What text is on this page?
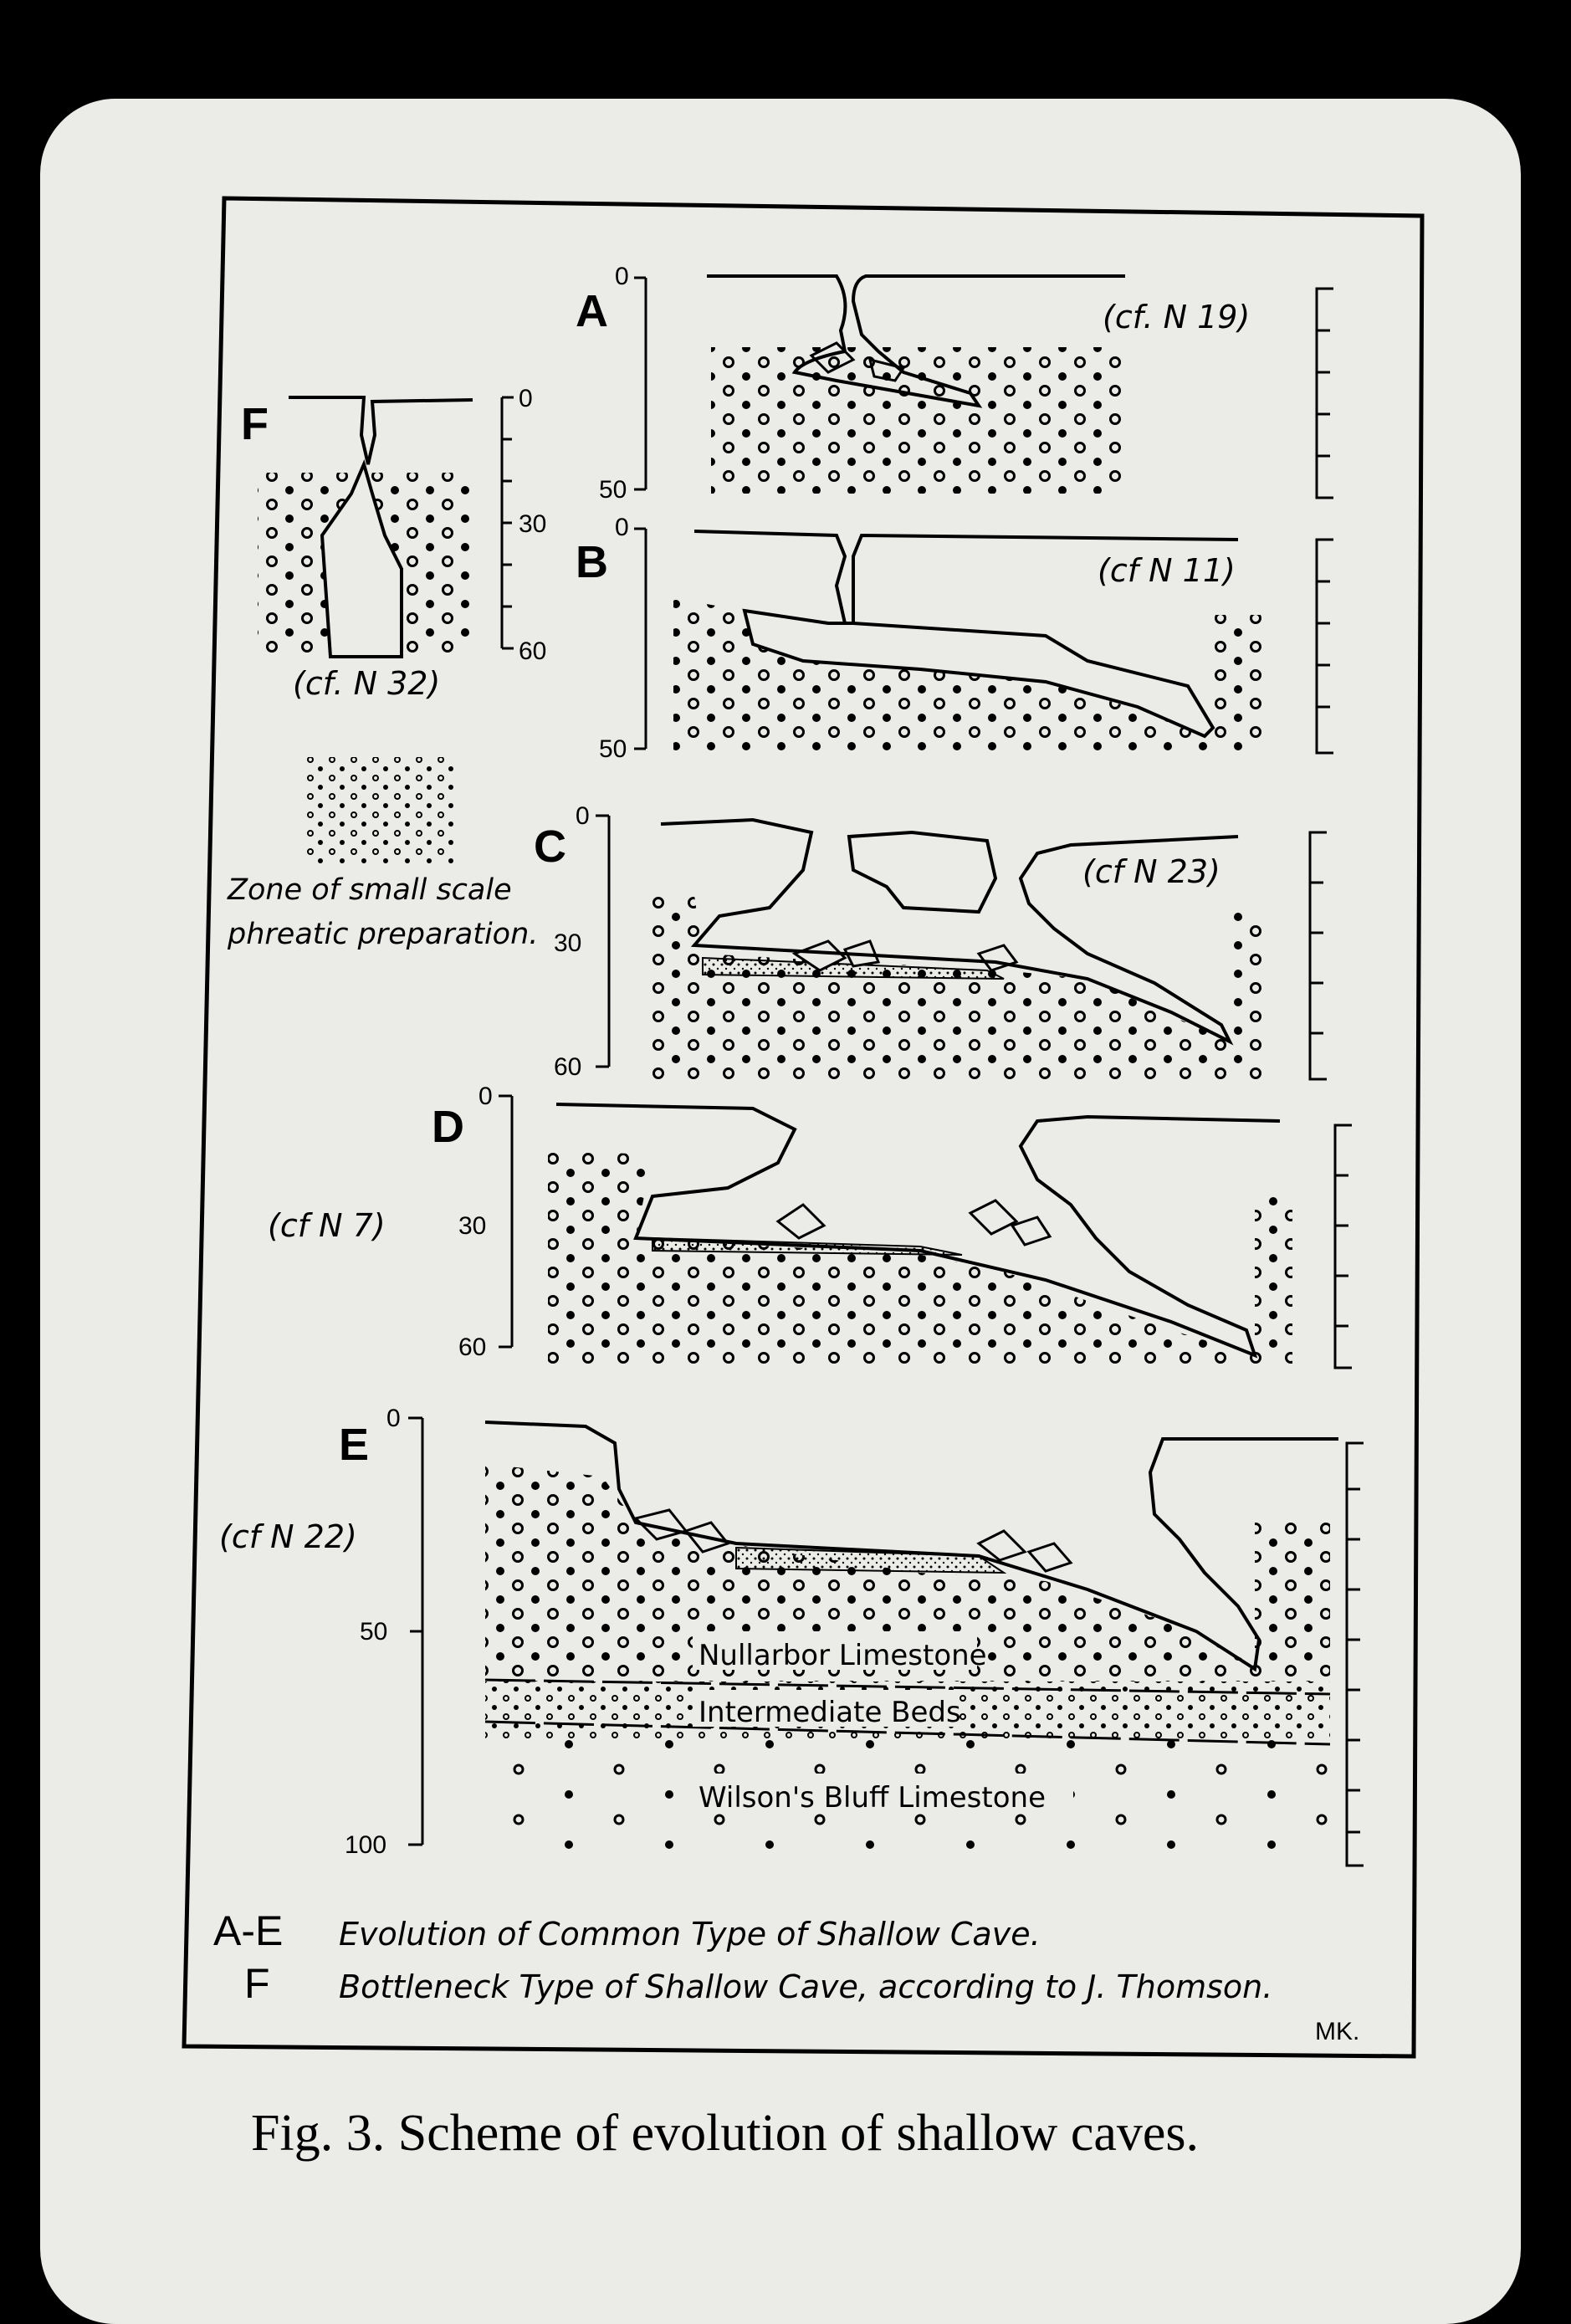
A
0
50
(cf. N 19)
B
0
50
(cf N 11)
C
0
30
60
(cf N 23)
D
0
30
60
(cf N 7)
E
0
50
100
(cf N 22)
Nullarbor Limestone
Intermediate Beds
Wilson's Bluff Limestone
F
0
30
60
(cf. N 32)
Zone of small scale
phreatic preparation.
A-E Evolution of Common Type of Shallow Cave.
F Bottleneck Type of Shallow Cave, according to J. Thomson.
MK.
Fig. 3. Scheme of evolution of shallow caves.
